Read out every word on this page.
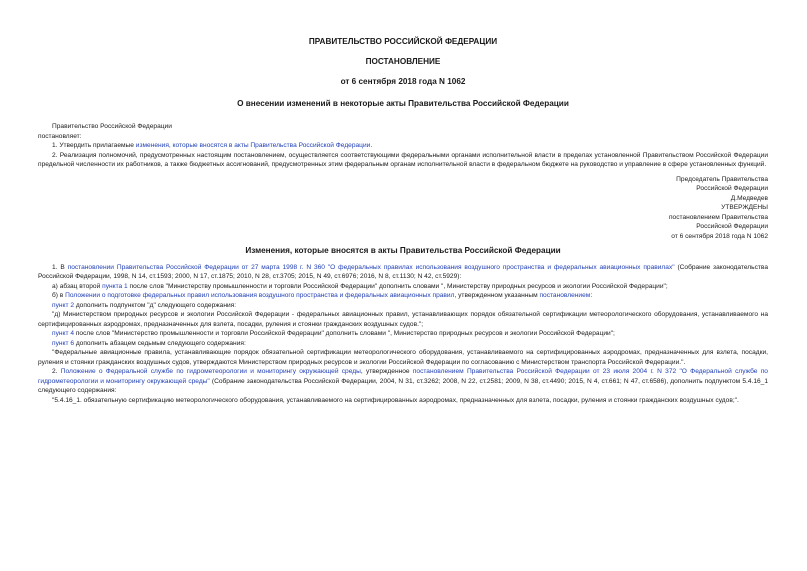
ПРАВИТЕЛЬСТВО РОССИЙСКОЙ ФЕДЕРАЦИИ
ПОСТАНОВЛЕНИЕ
от 6 сентября 2018 года N 1062
О внесении изменений в некоторые акты Правительства Российской Федерации
Правительство Российской Федерации

постановляет:

1. Утвердить прилагаемые изменения, которые вносятся в акты Правительства Российской Федерации.

2. Реализация полномочий, предусмотренных настоящим постановлением, осуществляется соответствующими федеральными органами исполнительной власти в пределах установленной Правительством Российской Федерации предельной численности их работников, а также бюджетных ассигнований, предусмотренных этим федеральным органам исполнительной власти в федеральном бюджете на руководство и управление в сфере установленных функций.

Председатель Правительства
Российской Федерации
Д.Медведев
УТВЕРЖДЕНЫ
постановлением Правительства
Российской Федерации
от 6 сентября 2018 года N 1062
Изменения, которые вносятся в акты Правительства Российской Федерации

1. В постановлении Правительства Российской Федерации от 27 марта 1998 г. N 360 "О федеральных правилах использования воздушного пространства и федеральных авиационных правилах" (Собрание законодательства Российской Федерации, 1998, N 14, ст.1593; 2000, N 17, ст.1875; 2010, N 28, ст.3705; 2015, N 49, ст.6976; 2016, N 8, ст.1130; N 42, ст.5929):

а) абзац второй пункта 1 после слов "Министерству промышленности и торговли Российской Федерации" дополнить словами ", Министерству природных ресурсов и экологии Российской Федерации";

б) в Положении о подготовке федеральных правил использования воздушного пространства и федеральных авиационных правил, утвержденном указанным постановлением:

пункт 2 дополнить подпунктом "д" следующего содержания:

"д) Министерством природных ресурсов и экологии Российской Федерации - федеральных авиационных правил, устанавливающих порядок обязательной сертификации метеорологического оборудования, устанавливаемого на сертифицированных аэродромах, предназначенных для взлета, посадки, руления и стоянки гражданских воздушных судов.";

пункт 4 после слов "Министерство промышленности и торговли Российской Федерации" дополнить словами ", Министерство природных ресурсов и экологии Российской Федерации";

пункт 6 дополнить абзацем седьмым следующего содержания:

"Федеральные авиационные правила, устанавливающие порядок обязательной сертификации метеорологического оборудования, устанавливаемого на сертифицированных аэродромах, предназначенных для взлета, посадки, руления и стоянки гражданских воздушных судов, утверждаются Министерством природных ресурсов и экологии Российской Федерации по согласованию с Министерством транспорта Российской Федерации.".

2. Положение о Федеральной службе по гидрометеорологии и мониторингу окружающей среды, утвержденное постановлением Правительства Российской Федерации от 23 июля 2004 г. N 372 "О Федеральной службе по гидрометеорологии и мониторингу окружающей среды" (Собрание законодательства Российской Федерации, 2004, N 31, ст.3262; 2008, N 22, ст.2581; 2009, N 38, ст.4490; 2015, N 4, ст.661; N 47, ст.6586), дополнить подпунктом 5.4.16_1 следующего содержания:

"5.4.16_1. обязательную сертификацию метеорологического оборудования, устанавливаемого на сертифицированных аэродромах, предназначенных для взлета, посадки, руления и стоянки гражданских воздушных судов;".
